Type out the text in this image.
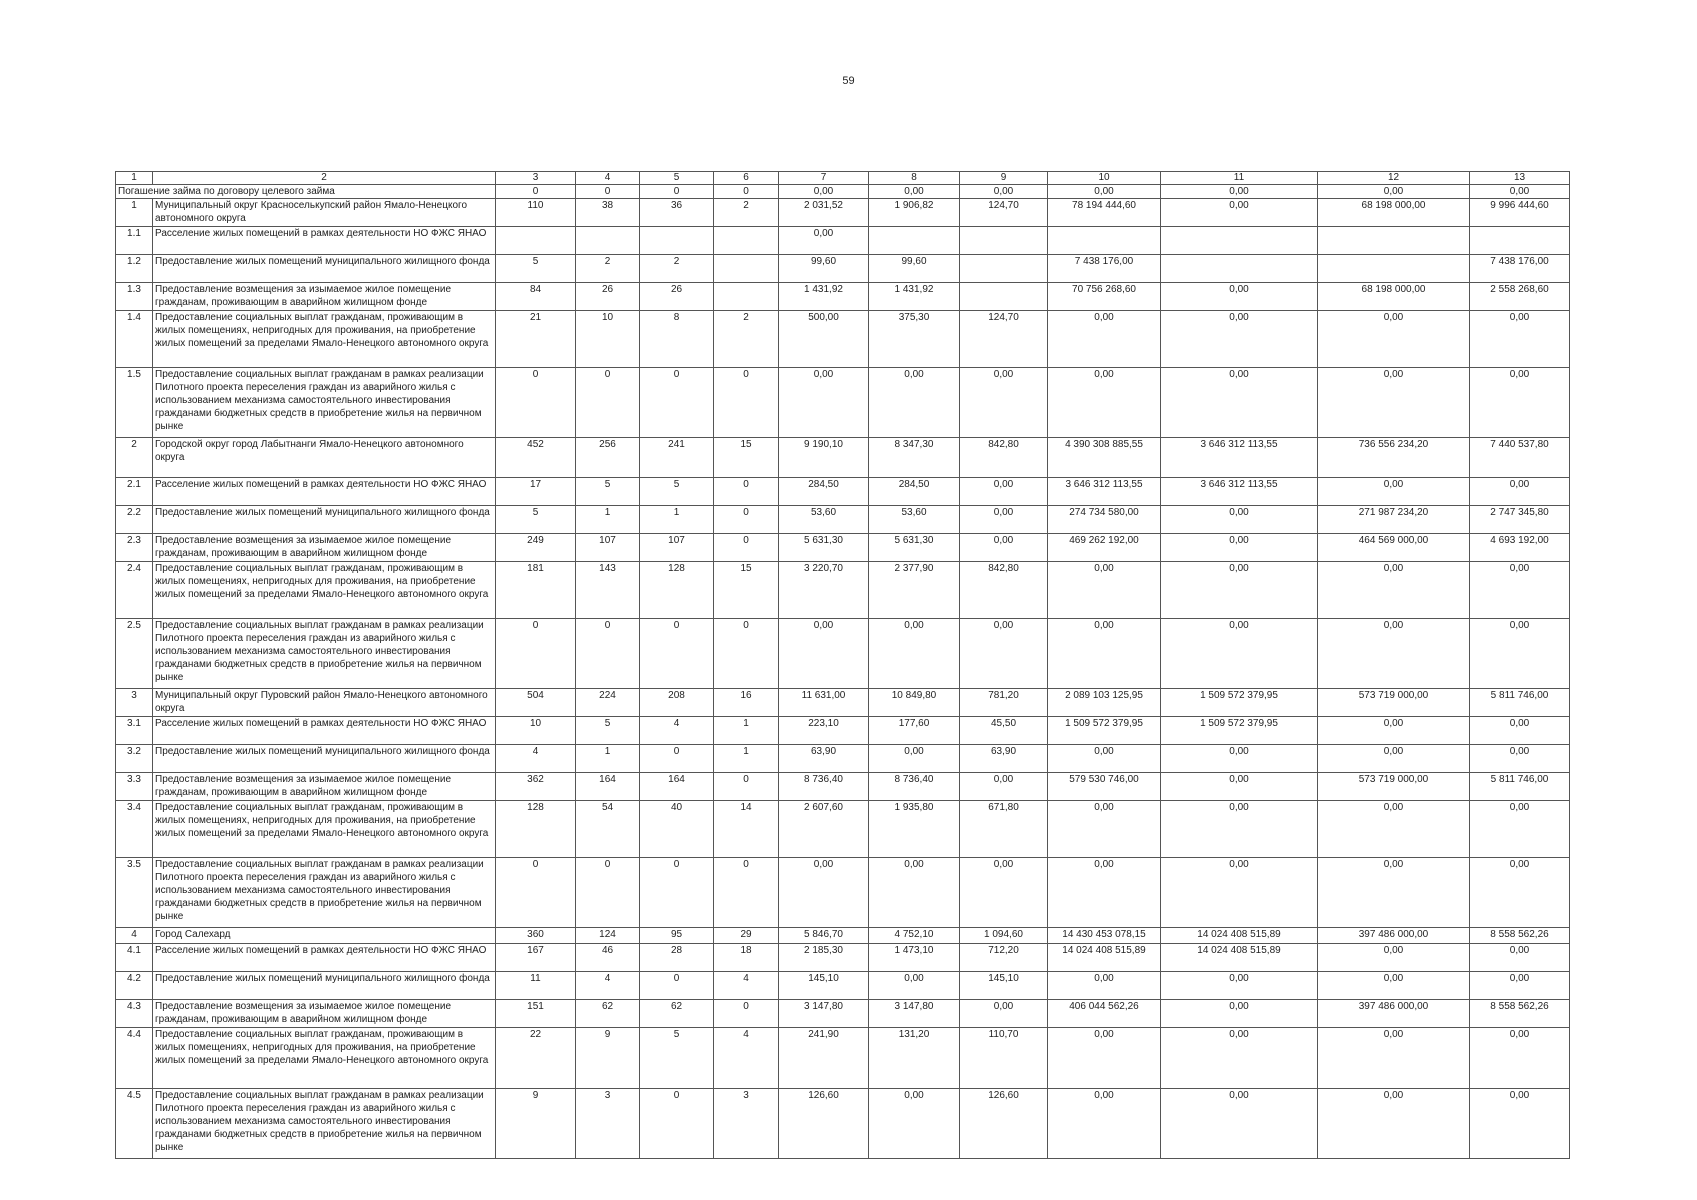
59
1	2	3	4	5	6	7	8	9	10	11	12	13
Погашение займа по договору целевого займа		0	0	0	0	0,00	0,00	0,00	0,00	0,00	0,00	0,00
1	Муниципальный округ Красноселькупский район Ямало-Ненецкого автономного округа	110	38	36	2	2 031,52	1 906,82	124,70	78 194 444,60	0,00	68 198 000,00	9 996 444,60
1.1	Расселение жилых помещений в рамках деятельности НО ФЖС ЯНАО					0,00						
1.2	Предоставление жилых помещений муниципального жилищного фонда	5	2	2		99,60	99,60		7 438 176,00			7 438 176,00
1.3	Предоставление возмещения за изымаемое жилое помещение гражданам, проживающим в аварийном жилищном фонде	84	26	26		1 431,92	1 431,92		70 756 268,60	0,00	68 198 000,00	2 558 268,60
1.4	Предоставление социальных выплат гражданам, проживающим в жилых помещениях, непригодных для проживания, на приобретение жилых помещений за пределами Ямало-Ненецкого автономного округа	21	10	8	2	500,00	375,30	124,70	0,00	0,00	0,00	0,00
1.5	Предоставление социальных выплат гражданам в рамках реализации Пилотного проекта переселения граждан из аварийного жилья с использованием механизма самостоятельного инвестирования гражданами бюджетных средств в приобретение жилья на первичном рынке	0	0	0	0	0,00	0,00	0,00	0,00	0,00	0,00	0,00
2	Городской округ город Лабытнанги Ямало-Ненецкого автономного округа	452	256	241	15	9 190,10	8 347,30	842,80	4 390 308 885,55	3 646 312 113,55	736 556 234,20	7 440 537,80
2.1	Расселение жилых помещений в рамках деятельности НО ФЖС ЯНАО	17	5	5	0	284,50	284,50	0,00	3 646 312 113,55	3 646 312 113,55	0,00	0,00
2.2	Предоставление жилых помещений муниципального жилищного фонда	5	1	1	0	53,60	53,60	0,00	274 734 580,00	0,00	271 987 234,20	2 747 345,80
2.3	Предоставление возмещения за изымаемое жилое помещение гражданам, проживающим в аварийном жилищном фонде	249	107	107	0	5 631,30	5 631,30	0,00	469 262 192,00	0,00	464 569 000,00	4 693 192,00
2.4	Предоставление социальных выплат гражданам, проживающим в жилых помещениях, непригодных для проживания, на приобретение жилых помещений за пределами Ямало-Ненецкого автономного округа	181	143	128	15	3 220,70	2 377,90	842,80	0,00	0,00	0,00	0,00
2.5	Предоставление социальных выплат гражданам в рамках реализации Пилотного проекта переселения граждан из аварийного жилья с использованием механизма самостоятельного инвестирования гражданами бюджетных средств в приобретение жилья на первичном рынке	0	0	0	0	0,00	0,00	0,00	0,00	0,00	0,00	0,00
3	Муниципальный округ Пуровский район Ямало-Ненецкого автономного округа	504	224	208	16	11 631,00	10 849,80	781,20	2 089 103 125,95	1 509 572 379,95	573 719 000,00	5 811 746,00
3.1	Расселение жилых помещений в рамках деятельности НО ФЖС ЯНАО	10	5	4	1	223,10	177,60	45,50	1 509 572 379,95	1 509 572 379,95	0,00	0,00
3.2	Предоставление жилых помещений муниципального жилищного фонда	4	1	0	1	63,90	0,00	63,90	0,00	0,00	0,00	0,00
3.3	Предоставление возмещения за изымаемое жилое помещение гражданам, проживающим в аварийном жилищном фонде	362	164	164	0	8 736,40	8 736,40	0,00	579 530 746,00	0,00	573 719 000,00	5 811 746,00
3.4	Предоставление социальных выплат гражданам, проживающим в жилых помещениях, непригодных для проживания, на приобретение жилых помещений за пределами Ямало-Ненецкого автономного округа	128	54	40	14	2 607,60	1 935,80	671,80	0,00	0,00	0,00	0,00
3.5	Предоставление социальных выплат гражданам в рамках реализации Пилотного проекта переселения граждан из аварийного жилья с использованием механизма самостоятельного инвестирования гражданами бюджетных средств в приобретение жилья на первичном рынке	0	0	0	0	0,00	0,00	0,00	0,00	0,00	0,00	0,00
4	Город Салехард	360	124	95	29	5 846,70	4 752,10	1 094,60	14 430 453 078,15	14 024 408 515,89	397 486 000,00	8 558 562,26
4.1	Расселение жилых помещений в рамках деятельности НО ФЖС ЯНАО	167	46	28	18	2 185,30	1 473,10	712,20	14 024 408 515,89	14 024 408 515,89	0,00	0,00
4.2	Предоставление жилых помещений муниципального жилищного фонда	11	4	0	4	145,10	0,00	145,10	0,00	0,00	0,00	0,00
4.3	Предоставление возмещения за изымаемое жилое помещение гражданам, проживающим в аварийном жилищном фонде	151	62	62	0	3 147,80	3 147,80	0,00	406 044 562,26	0,00	397 486 000,00	8 558 562,26
4.4	Предоставление социальных выплат гражданам, проживающим в жилых помещениях, непригодных для проживания, на приобретение жилых помещений за пределами Ямало-Ненецкого автономного округа	22	9	5	4	241,90	131,20	110,70	0,00	0,00	0,00	0,00
4.5	Предоставление социальных выплат гражданам в рамках реализации Пилотного проекта переселения граждан из аварийного жилья с использованием механизма самостоятельного инвестирования гражданами бюджетных средств в приобретение жилья на первичном рынке	9	3	0	3	126,60	0,00	126,60	0,00	0,00	0,00	0,00
